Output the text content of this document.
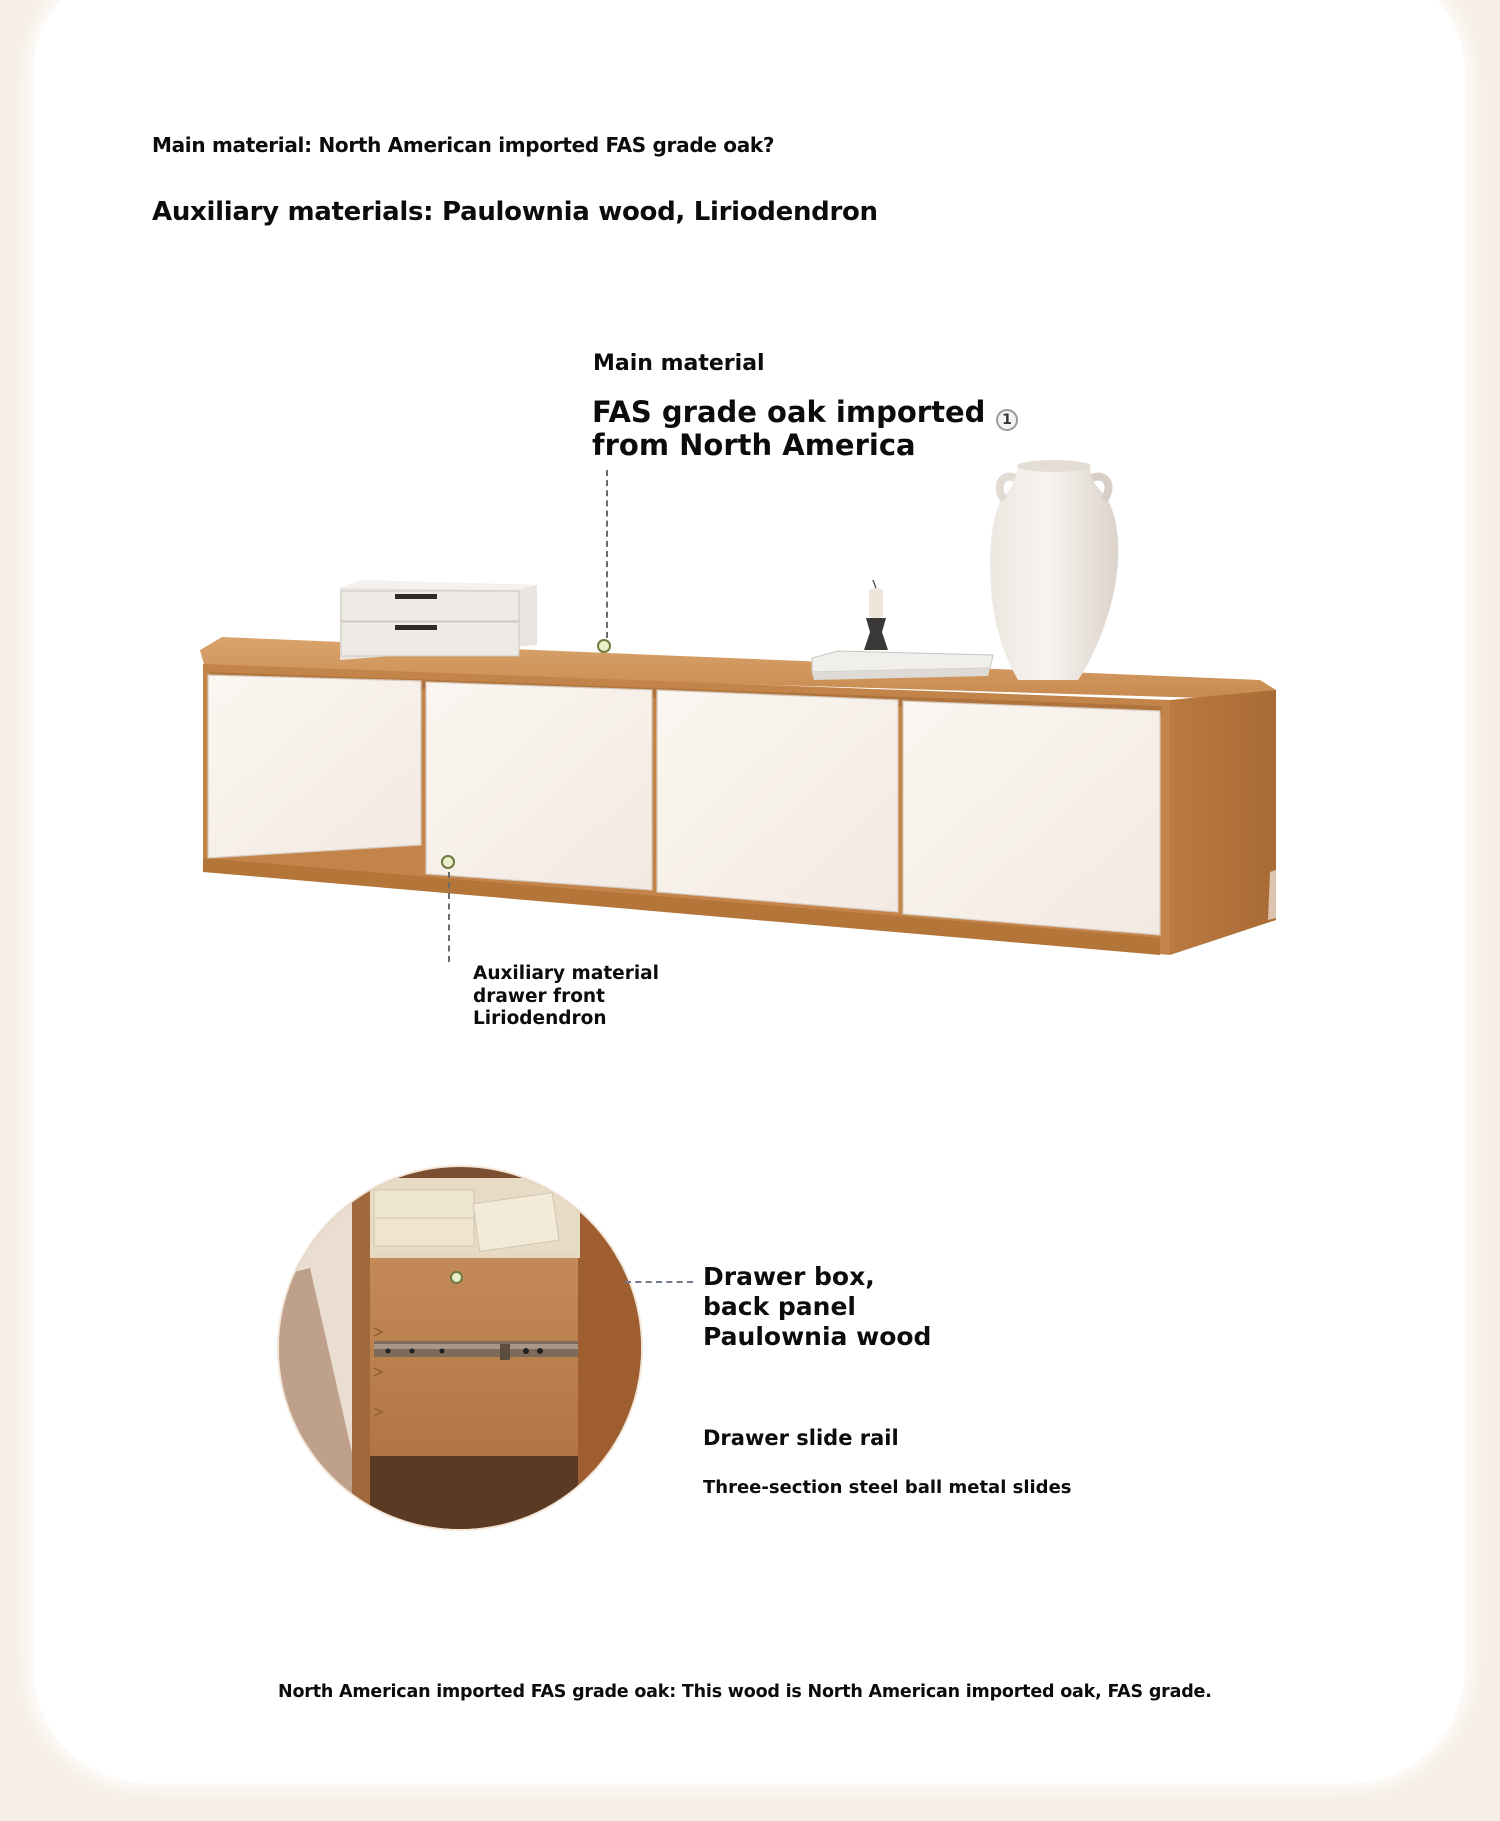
Main material: North American imported FAS grade oak?
Auxiliary materials: Paulownia wood, Liriodendron
Main material
FAS grade oak imported
from North America
1
Auxiliary material
drawer front
Liriodendron
Drawer box,
back panel
Paulownia wood
Drawer slide rail
Three-section steel ball metal slides
North American imported FAS grade oak: This wood is North American imported oak, FAS grade.
